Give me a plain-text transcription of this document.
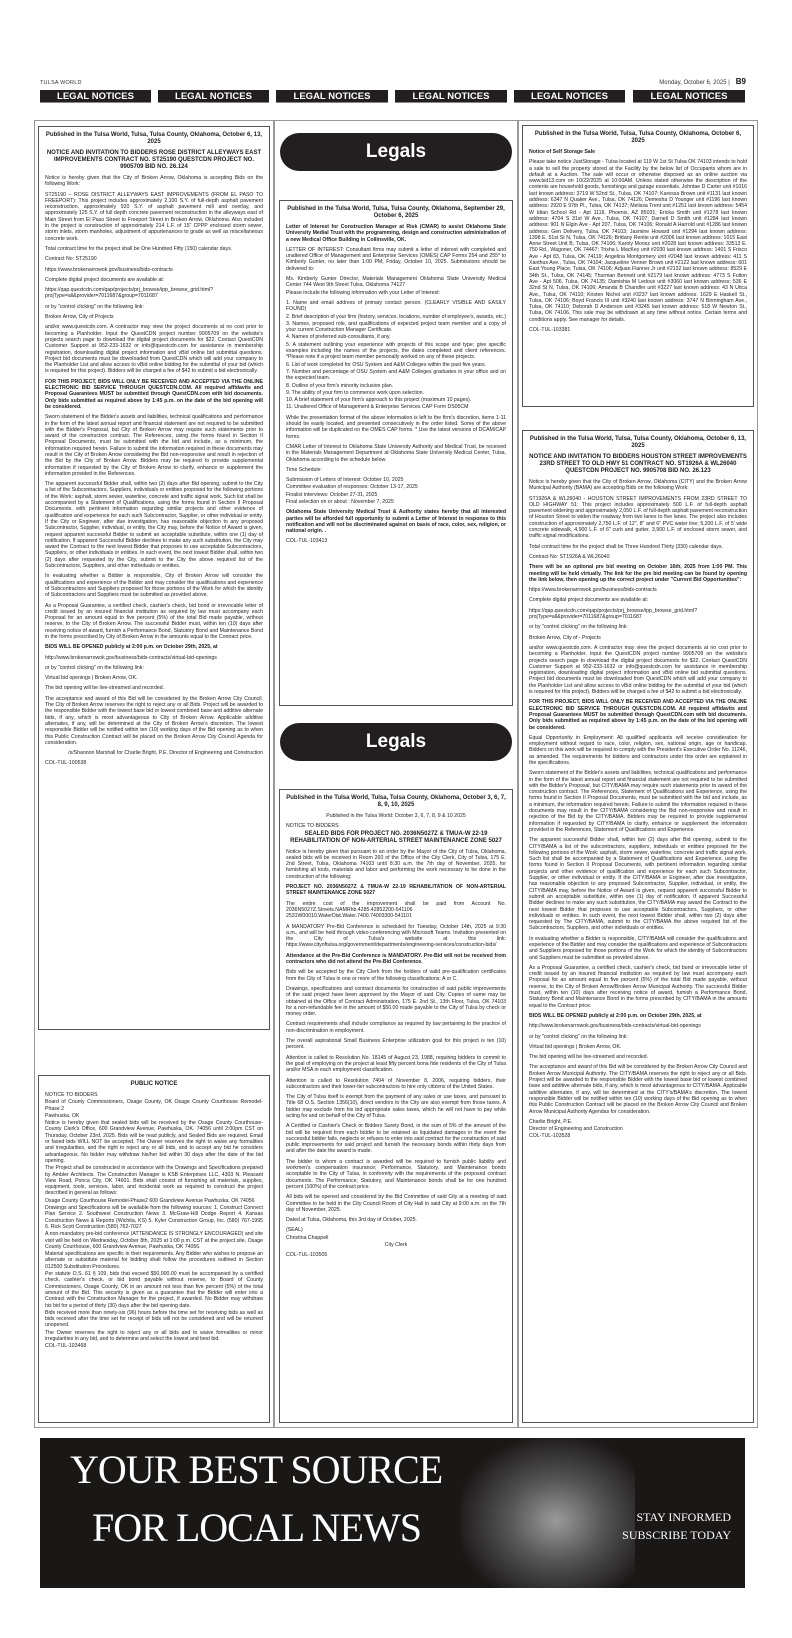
TULSA WORLD	Monday, October 6, 2025 | B9
LEGAL NOTICES	LEGAL NOTICES	LEGAL NOTICES	LEGAL NOTICES	LEGAL NOTICES	LEGAL NOTICES

Published in the Tulsa World, Tulsa, Tulsa County, Oklahoma, October 6, 13, 2025

NOTICE AND INVITATION TO BIDDERS ROSE DISTRICT ALLEYWAYS EAST IMPROVEMENTS CONTRACT NO. ST25190 QUESTCDN PROJECT NO. 9905709 BID NO. 26.124

Notice is hereby given that the City of Broken Arrow, Oklahoma is accepting Bids on the following Work:

ST25190 – ROSE DISTRICT ALLEYWAYS EAST IMPROVEMENTS (FROM EL PASO TO FREEPORT): This project includes approximately 2,100 S.Y. of full-depth asphalt pavement reconstruction, approximately 920 S.Y. of asphalt pavement mill and overlay, and approximately 125 S.Y. of full depth concrete pavement reconstruction in the alleyways east of Main Street from El Paso Street to Freeport Street in Broken Arrow, Oklahoma. Also included in the project is construction of approximately 214 L.F. of 15" CPPP enclosed storm sewer, storm inlets, storm manholes, adjustment of appurtenances to grade as well as miscellaneous concrete work.

Total contract time for the project shall be One Hundred Fifty (150) calendar days.

Contract No: ST25190

https://www.brokenarrowok.gov/business/bids-contracts

Complete digital project documents are available at:

https://qap.questcdn.com/qap/projects/prj_browse/ipp_browse_grid.html?projType=all&provider=7011687&group=7011687

or by "control clicking" on the following link:

Broken Arrow, City of Projects

and/or www.questcdn.com. A contractor may view the project documents at no cost prior to becoming a Planholder. Input the QuestCDN project number 9905709 on the website's projects search page to download the digital project documents for $22. Contact QuestCDN Customer Support at 952-233-1632 or info@questcdn.com for assistance in membership registration, downloading digital project information and vBid online bid submittal questions. Project bid documents must be downloaded from QuestCDN which will add your company to the Planholder List and allow access to vBid online bidding for the submittal of your bid (which is required for this project). Bidders will be charged a fee of $42 to submit a bid electronically.

FOR THIS PROJECT, BIDS WILL ONLY BE RECEIVED AND ACCEPTED VIA THE ONLINE ELECTRONIC BID SERVICE THROUGH QUESTCDN.COM. All required affidavits and Proposal Guarantees MUST be submitted through QuestCDN.com with bid documents. Only bids submitted as required above by 1:45 p.m. on the date of the bid opening will be considered.

Sworn statement of the Bidder's assets and liabilities, technical qualifications and performance in the form of the latest annual report and financial statement are not required to be submitted with the Bidder's Proposal, but City of Broken Arrow may require such statements prior to award of the construction contract. The References, using the forms found in Section II Proposal Documents, must be submitted with the bid and include, as a minimum, the information required herein. Failure to submit the information required in these documents may result in the City of Broken Arrow considering the Bid non-responsive and result in rejection of the Bid by the City of Broken Arrow. Bidders may be required to provide supplemental information if requested by the City of Broken Arrow to clarify, enhance or supplement the information provided in the References.

The apparent successful Bidder shall, within two (2) days after Bid opening, submit to the City a list of the Subcontractors, Suppliers, individuals or entities proposed for the following portions of the Work: asphalt, storm sewer, waterline, concrete and traffic signal work. Such list shall be accompanied by a Statement of Qualifications, using the forms found in Section II Proposal Documents, with pertinent information regarding similar projects and other evidence of qualification and experience for each such Subcontractor, Supplier, or other individual or entity. If the City or Engineer, after due investigation, has reasonable objection to any proposed Subcontractor, Supplier, individual, or entity, the City may, before the Notice of Award is given, request apparent successful Bidder to submit an acceptable substitute, within one (1) day of notification. If apparent Successful Bidder declines to make any such substitution, the City may award the Contract to the next lowest Bidder that proposes to use acceptable Subcontractors, Suppliers, or other individuals or entities. In such event, the next lowest Bidder shall, within two (2) days after requested by the City, submit to the City the above required list of the Subcontractors, Suppliers, and other individuals or entities.

In evaluating whether a Bidder is responsible, City of Broken Arrow will consider the qualifications and experience of the Bidder and may consider the qualifications and experience of Subcontractors and Suppliers proposed for those portions of the Work for which the identity of Subcontractors and Suppliers must be submitted as provided above.

As a Proposal Guarantee, a certified check, cashier's check, bid bond or irrevocable letter of credit issued by an insured financial institution as required by law must accompany each Proposal for an amount equal to five percent (5%) of the total Bid made payable, without reserve, to the City of Broken Arrow. The successful Bidder must, within ten (10) days after receiving notice of award, furnish a Performance Bond, Statutory Bond and Maintenance Bond in the forms prescribed by City of Broken Arrow in the amounts equal to the Contract price.

BIDS WILL BE OPENED publicly at 2:00 p.m. on October 29th, 2025, at

http://www.brokenarrowok.gov/business/bids-contracts/virtual-bid-openings

or by "control clicking" on the following link:

Virtual bid openings | Broken Arrow, OK.

The bid opening will be live-streamed and recorded.

The acceptance and award of this Bid will be considered by the Broken Arrow City Council. The City of Broken Arrow reserves the right to reject any or all Bids. Project will be awarded to the responsible Bidder with the lowest base bid or lowest combined base and additive alternate bids, if any, which is most advantageous to City of Broken Arrow. Applicable additive alternates, if any, will be determined at the City of Broken Arrow's discretion. The lowest responsible Bidder will be notified within ten (10) working days of the Bid opening as to when this Public Construction Contract will be placed on the Broken Arrow City Council Agenda for consideration.

/s/Shannon Marshall for Charlie Bright, P.E. Director of Engineering and Construction

COL-TUL-100538

PUBLIC NOTICE

NOTICE TO BIDDERS

Board of County Commissioners, Osage County, OK Osage County Courthouse Remodel-Phase 2

Pawhuska, OK

Notice is hereby given that sealed bids will be received by the Osage County Courthouse-County Clerk's Office, 600 Grandview Avenue, Pawhuska, OK. 74056 until 2:00pm CST on Thursday, October 23rd, 2025. Bids will be read publicly, and Sealed Bids are required. Email or faxed bids WILL NOT be accepted. The Owner reserves the right to waive any formalities and irregularities, and the right to reject any or all bids, and to accept any bid he considers advantageous. No bidder may withdraw his/her bid within 30 days after the date of the bid opening.

The Project shall be constructed in accordance with the Drawings and Specifications prepared by Ambler Architects. The Construction Manager is KSB Enterprises LLC, 4303 N. Pleasant View Road, Ponca City, OK 74601. Bids shall consist of furnishing all materials, supplies, equipment, tools, services, labor, and incidental work as required to construct the project described in general as follows:

Osage County Courthouse Remodel-Phase2 600 Grandview Avenue Pawhuska, OK 74056

Drawings and Specifications will be available from the following sources: 1. Construct Connect Plan Service 2. Southwest Construction News 3. McGraw-Hill Dodge Report 4. Kansas Construction News & Reports (Wichita, KS) 5. Kyler Construction Group, Inc. (580) 767-1995 6. Rick Scott Construction (580) 762-7027

A non-mandatory pre-bid conference (ATTENDANCE IS STRONGLY ENCOURAGED) and site visit will be held on Wednesday, October 8th, 2025 at 1:00 p.m. CST at the project site, Osage County Courthouse, 600 Grandview Avenue, Pawhuska, OK 74056.

Material specifications are specific in their requirements. Any Bidder who wishes to propose an alternate or substitute material for bidding shall follow the procedures outlined in Section 012500 Substitution Procedures.

Per statute O.S. 61 § 109, bids that exceed $50,000.00 must be accompanied by a certified check, cashier's check, or bid bond payable without reserve, to Board of County Commissioners, Osage County, OK in an amount not less than five percent (5%) of the total amount of the Bid. This security is given as a guarantee that the Bidder will enter into a Contract with the Construction Manager for the project, if awarded. No Bidder may withdraw his bid for a period of thirty (30) days after the bid opening date.

Bids received more than ninety-six (96) hours before the time set for receiving bids as well as bids received after the time set for receipt of bids will not be considered and will be returned unopened.

The Owner reserves the right to reject any or all bids and to waive formalities or minor irregularities in any bid, and to determine and select the lowest and best bid.

COL-TUL-103468

Legals

Published in the Tulsa World, Tulsa, Tulsa County, Oklahoma, September 29, October 6, 2025

Letter of Interest for Construction Manager at Risk (CMAR) to assist Oklahoma State University Medial Trust with the programming, design and construction administration of a new Medical Office Building in Collinsville, OK.

LETTER OF INTEREST: Consultant firms may submit a letter of interest with completed and unaltered Office of Management and Enterprise Services (OMES) CAP Forms 254 and 255* to Kimberly Gunter, no later than 1:00 PM, Friday, October 10, 2025. Submissions should be delivered to:

Ms. Kimberly Gunter Director, Materials Management Oklahoma State University Medical Center 744 West 9th Street Tulsa, Oklahoma 74127

Please include the following information with your Letter of Interest:

1. Name and email address of primary contact person. (CLEARLY VISIBLE AND EASILY FOUND)

2. Brief description of your firm (history, services, locations, number of employee's, awards, etc.)

3. Names, proposed role, and qualifications of expected project team member and a copy of your current Construction Manager Certificate.

4. Names of preferred sub-consultants, if any.

5. A statement outlining your experience with projects of this scope and type; give specific examples including the names of the projects, the dates completed and client references. *Please note if a project team member personally worked on any of these projects.

6. List of work completed for OSU System and A&M Colleges within the past five years.

7. Number and percentage of OSU System and A&M Colleges graduates in your office and on the expected team.

8. Outline of your firm's minority inclusion plan.

9. The ability of your firm to commence work upon selection.

10. A brief statement of your firm's approach to this project (maximum 10 pages).

11. Unaltered Office of Management & Enterprise Services CAP Form DS05CM

While the presentation format of the above information is left to the firm's discretion, items 1-11 should be easily located, and presented consecutively in the order listed. Some of the above information will be duplicated on the OMES CAP forms. * Use the latest versions of DCAM/CAP forms.

CMAR Letter of Interest to Oklahoma State University Authority and Medical Trust, be received in the Materials Management Department at Oklahoma State University Medical Center, Tulsa, Oklahoma according to the schedule below.

Time Schedule:

Submission of Letters of Interest: October 10, 2025

Committee evaluation of responses: October 13-17, 2025

Finalist interviews: October 27-31, 2025

Final selection on or about : November 7, 2025

Oklahoma State University Medical Trust & Authority states hereby that all interested parties will be afforded full opportunity to submit a Letter of Interest in response to this notification and will not be discriminated against on basis of race, color, sex, religion, or national origin. .

COL-TUL-103413

Legals

Published in the Tulsa World, Tulsa, Tulsa County, Oklahoma, October 3, 6, 7, 8, 9, 10, 2025

Published in the Tulsa World: October 3, 6, 7, 8, 9 & 10 2025

NOTICE TO BIDDERS

SEALED BIDS FOR PROJECT NO. 2036N5027Z & TMUA-W 22-19 REHABILITATION OF NON-ARTERIAL STREET MAINTENANCE ZONE 5027

Notice is hereby given that pursuant to an order by the Mayor of the City of Tulsa, Oklahoma, sealed bids will be received in Room 260 of the Office of the City Clerk, City of Tulsa, 175 E. 2nd Street, Tulsa, Oklahoma 74103 until 8:30 a.m. the 7th day of November, 2025, for furnishing all tools, materials and labor and performing the work necessary to be done in the construction of the following:

PROJECT NO. 2036N5027Z & TMUA-W 22-19 REHABILITATION OF NON-ARTERIAL STREET MAINTENANCE ZONE 5027

The entire cost of the improvement shall be paid from Account No. 2036N5027Z.Streets.NAMRhb.4285.42852200-541106 2531W00010.WaterDist.Water.7400.74003300-541101

A MANDATORY Pre-Bid Conference is scheduled for Tuesday, October 14th, 2025 at 9:30 a.m., and will be held through video conferencing with Microsoft Teams. Invitation presented on the City of Tulsa's website at this link: https://www.cityoftulsa.org/government/departments/engineering-services/construction-bids/

Attendance at the Pre-Bid Conference is MANDATORY. Pre-Bid will not be received from contractors who did not attend the Pre-Bid Conference.

Bids will be accepted by the City Clerk from the holders of valid pre-qualification certificates from the City of Tulsa in one or more of the following classifications: A or C.

Drawings, specifications and contract documents for construction of said public improvements of the said project have been approved by the Mayor of said City. Copies of same may be obtained at the Office of Contract Administration, 175 E. 2nd St., 13th Floor, Tulsa, OK 74103 for a non-refundable fee in the amount of $50.00 made payable to the City of Tulsa by check or money order.

Contract requirements shall include compliance as required by law pertaining to the practice of non-discrimination in employment.

The overall aspirational Small Business Enterprise utilization goal for this project is ten (10) percent.

Attention is called to Resolution No. 18145 of August 23, 1988, requiring bidders to commit to the goal of employing on the project at least fifty percent bona fide residents of the City of Tulsa and/or MSA in each employment classification.

Attention is called to Resolution 7404 of November 8, 2006, requiring bidders, their subcontractors and their lower-tier subcontractors to hire only citizens of the United States.

The City of Tulsa itself is exempt from the payment of any sales or use taxes, and pursuant to Title 68 O.S. Section 1356(10), direct vendors to the City are also exempt from those taxes. A bidder may exclude from his bid appropriate sales taxes, which he will not have to pay while acting for and on behalf of the City of Tulsa.

A Certified or Cashier's Check or Bidders Surety Bond, in the sum of 5% of the amount of the bid will be required from each bidder to be retained as liquidated damages in the event the successful bidder fails, neglects or refuses to enter into said contract for the construction of said public improvements for said project and furnish the necessary bonds within thirty days from and after the date the award is made.

The bidder to whom a contract is awarded will be required to furnish public liability and workmen's compensation insurance; Performance, Statutory, and Maintenance bonds acceptable to the City of Tulsa, in conformity with the requirements of the proposed contract documents. The Performance, Statutory, and Maintenance bonds shall be for one hundred percent (100%) of the contract price.

All bids will be opened and considered by the Bid Committee of said City at a meeting of said Committee to be held in the City Council Room of City Hall in said City at 9:00 a.m. on the 7th day of November, 2025.

Dated at Tulsa, Oklahoma, this 3rd day of October, 2025.

(SEAL)

Christina Chappell

City Clerk

COL-TUL-103505

Published in the Tulsa World, Tulsa, Tulsa County, Oklahoma, October 6, 2025

Notice of Self Storage Sale

Please take notice JustStorage - Tulsa located at 119 W 1st St Tulsa OK 74103 intends to hold a sale to sell the property stored at the Facility by the below list of Occupants whom are in default at a Auction. The sale will occur or otherwise disposed as an online auction via www.bid13.com on 10/22/2025 at 10:00AM. Unless stated otherwise the description of the contents are household goods, furnishings and garage essentials. Johntae D Carter unit #1016 last known address: 3719 W 52nd St., Tulsa, OK 74107; Karessa Brown unit #1131 last known address: 6347 N Quaker Ave., Tulsa, OK 74126; Demesha D Younger unit #1196 last known address: 2920 E 97th Pl., Tulsa, OK 74137; Melissa Trent unit #1251 last known address: 5454 W Idian School Rd - Apt 1118, Phoenix, AZ 85031; Ericka Smith unit #1278 last known address: 4704 S 31st W Ave., Tulsa, OK 74107; Darnell D Smith unit #1284 last known address: 901 N Elgin Ave - Apt 207, Tulsa, OK 74106; Ronald A Harrold unit #1286 last known address: Gen Delivery, Tulsa, OK 74103; Jasmine Howard unit #1294 last known address: 1398 E. 51st St N, Tulsa, OK 74126; Brittany Rentie unit #2006 last known address: 1015 East Anne Street Unit B, Tulsa, OK 74106; Karoly Moosz unit #2028 last known address: 33513 E. 750 Rd., Wagoner, OK 74467; Trisha L MacKey unit #2030 last known address: 1401 S Frisco Ave - Apt 83, Tulsa, OK 74119; Angelina Montgomery unit #2048 last known address: 411 S Xanthus Ave., Tulsa, OK 74104; Jacqueline Venner Brown unit #2122 last known address: 601 East Young Place, Tulsa, OK 74106; Adjuan Flanner Jr unit #2132 last known address: 8529 E 34th St., Tulsa, OK 74145; Thurman Bennett unit #2179 last known address: 4773 S Fulton Ave - Apt 506, Tulsa, OK 74135; Damishia M Ledoux unit #3060 last known address: 536 E 32nd St N, Tulsa, OK 74106; Amanda B Chandler unit #3227 last known address: 43 N Utica Ave., Tulsa, OK 74110; Kristen Nichol unit #3237 last known address: 1629 E Haskell St., Tulsa, OK 74106; Boyd Francis III unit #3240 last known address: 3747 N Birmingham Ave., Tulsa, OK 74110; Deborah D Anderson unit #3245 last known address: 518 W Newton St., Tulsa, OK 74106. This sale may be withdrawn at any time without notice. Certain terms and conditions apply. See manager for details.

COL-TUL-103381

Published in the Tulsa World, Tulsa, Tulsa County, Oklahoma, October 6, 13, 2025

NOTICE AND INVITATION TO BIDDERS HOUSTON STREET IMPROVEMENTS 23RD STREET TO OLD HWY 51 CONTRACT NO. ST1926A & WL26040 QUESTCDN PROJECT NO. 9905708 BID NO. 26.123

Notice is hereby given that the City of Broken Arrow, Oklahoma (CITY) and the Broken Arrow Municipal Authority (BAMA) are accepting Bids on the following Work:

ST1926A & WL26040 - HOUSTON STREET IMPROVEMENTS FROM 23RD STREET TO OLD HIGHWAY 51: This project includes approximately 500 L.F. of full-depth asphalt pavement widening and approximately 2,050 L.F. of full-depth asphalt pavement reconstruction of Houston Street to widen the roadway from two lanes to five lanes. The project also includes construction of approximately 2,750 L.F. of 12", 8" and 6" PVC water line; 5,200 L.F. of 5' wide concrete sidewalk, 4,900 L.F. of 6" curb and gutter, 3,900 L.F. of enclosed storm sewer, and traffic signal modifications.

Total contract time for the project shall be Three Hundred Thirty (330) calendar days.

Contract No: ST1926A & WL26040

There will be an optional pre bid meeting on October 16th, 2025 from 1:00 PM. This meeting will be held virtually. The link for the pre bid meeting can be found by opening the link below, then opening up the correct project under "Current Bid Opportunities":

https://www.brokenarrowok.gov/business/bids-contracts

Complete digital project documents are available at:

https://qap.questcdn.com/qap/projects/prj_browse/ipp_browse_grid.html?projType=all&provider=7011687&group=7011687

or by "control clicking" on the following link:

Broken Arrow, City of - Projects

and/or www.questcdn.com. A contractor may view the project documents at no cost prior to becoming a Planholder. Input the QuestCDN project number 9905708 on the website's projects search page to download the digital project documents for $22. Contact QuestCDN Customer Support at 952-233-1632 or info@questcdn.com for assistance in membership registration, downloading digital project information and vBid online bid submittal questions. Project bid documents must be downloaded from QuestCDN which will add your company to the Planholder List and allow access to vBid online bidding for the submittal of your bid (which is required for this project). Bidders will be charged a fee of $42 to submit a bid electronically.

FOR THIS PROJECT, BIDS WILL ONLY BE RECEIVED AND ACCEPTED VIA THE ONLINE ELECTRONIC BID SERVICE THROUGH QUESTCDN.COM. All required affidavits and Proposal Guarantees MUST be submitted through QuestCDN.com with bid documents. Only bids submitted as required above by 1:45 p.m. on the date of the bid opening will be considered.

Equal Opportunity in Employment: All qualified applicants will receive consideration for employment without regard to race, color, religion, sex, national origin, age or handicap. Bidders on this work will be required to comply with the President's Executive Order No. 11246, as amended. The requirements for bidders and contractors under this order are explained in the specifications.

Sworn statement of the Bidder's assets and liabilities, technical qualifications and performance in the form of the latest annual report and financial statement are not required to be submitted with the Bidder's Proposal, but CITY/BAMA may require such statements prior to award of the construction contract. The References, Statement of Qualifications and Experience, using the forms found in Section II Proposal Documents, must be submitted with the bid and include, as a minimum, the information required herein. Failure to submit the information required in these documents may result in the CITY/BAMA considering the Bid non-responsive and result in rejection of the Bid by the CITY/BAMA. Bidders may be required to provide supplemental information if requested by CITY/BAMA to clarify, enhance or supplement the information provided in the References, Statement of Qualifications and Experience.

The apparent successful Bidder shall, within two (2) days after Bid opening, submit to the CITY/BAMA a list of the subcontractors, suppliers, individuals or entities proposed for the following portions of the Work: asphalt, storm sewer, waterline, concrete and traffic signal work. Such list shall be accompanied by a Statement of Qualifications and Experience, using the forms found in Section II Proposal Documents, with pertinent information regarding similar projects and other evidence of qualification and experience for each such Subcontractor, Supplier, or other individual or entity. If the CITY/BAMA or Engineer, after due investigation, has reasonable objection to any proposed Subcontractor, Supplier, individual, or entity, the CITY/BAMA may, before the Notice of Award is given, request apparent successful Bidder to submit an acceptable substitute, within one (1) day of notification. If apparent Successful Bidder declines to make any such substitution, the CITY/BAMA may award the Contract to the next lowest Bidder that proposes to use acceptable Subcontractors, Suppliers, or other individuals or entities. In such event, the next lowest Bidder shall, within two (2) days after requested by The CITY/BAMA, submit to the CITY/BAMA the above required list of the Subcontractors, Suppliers, and other individuals or entities.

In evaluating whether a Bidder is responsible, CITY/BAMA will consider the qualifications and experience of the Bidder and may consider the qualifications and experience of Subcontractors and Suppliers proposed for those portions of the Work for which the identity of Subcontractors and Suppliers must be submitted as provided above.

As a Proposal Guarantee, a certified check, cashier's check, bid bond or irrevocable letter of credit issued by an insured financial institution as required by law must accompany each Proposal for an amount equal to five percent (5%) of the total Bid made payable, without reserve, to the City of Broken Arrow/Broken Arrow Municipal Authority. The successful Bidder must, within ten (10) days after receiving notice of award, furnish a Performance Bond, Statutory Bond and Maintenance Bond in the forms prescribed by CITY/BAMA in the amounts equal to the Contract price.

BIDS WILL BE OPENED publicly at 2:00 p.m. on October 29th, 2025, at

http://www.brokenarrowok.gov/business/bids-contracts/virtual-bid-openings

or by "control clicking" on the following link:

Virtual bid openings | Broken Arrow, OK.

The bid opening will be live-streamed and recorded.

The acceptance and award of this Bid will be considered by the Broken Arrow City Council and Broken Arrow Municipal Authority. The CITY/BAMA reserves the right to reject any or all Bids. Project will be awarded to the responsible Bidder with the lowest base bid or lowest combined base and additive alternate bids, if any, which is most advantageous to CITY/BAMA. Applicable additive alternates, if any, will be determined at the CITY's/BAMA's discretion. The lowest responsible Bidder will be notified within ten (10) working days of the Bid opening as to when this Public Construction Contract will be placed on the Broken Arrow City Council and Broken Arrow Municipal Authority Agendas for consideration.

Charlie Bright, P.E.

Director of Engineering and Construction

COL-TUL-103528

YOUR BEST SOURCE
FOR LOCAL NEWS	STAY INFORMED
SUBSCRIBE TODAY
